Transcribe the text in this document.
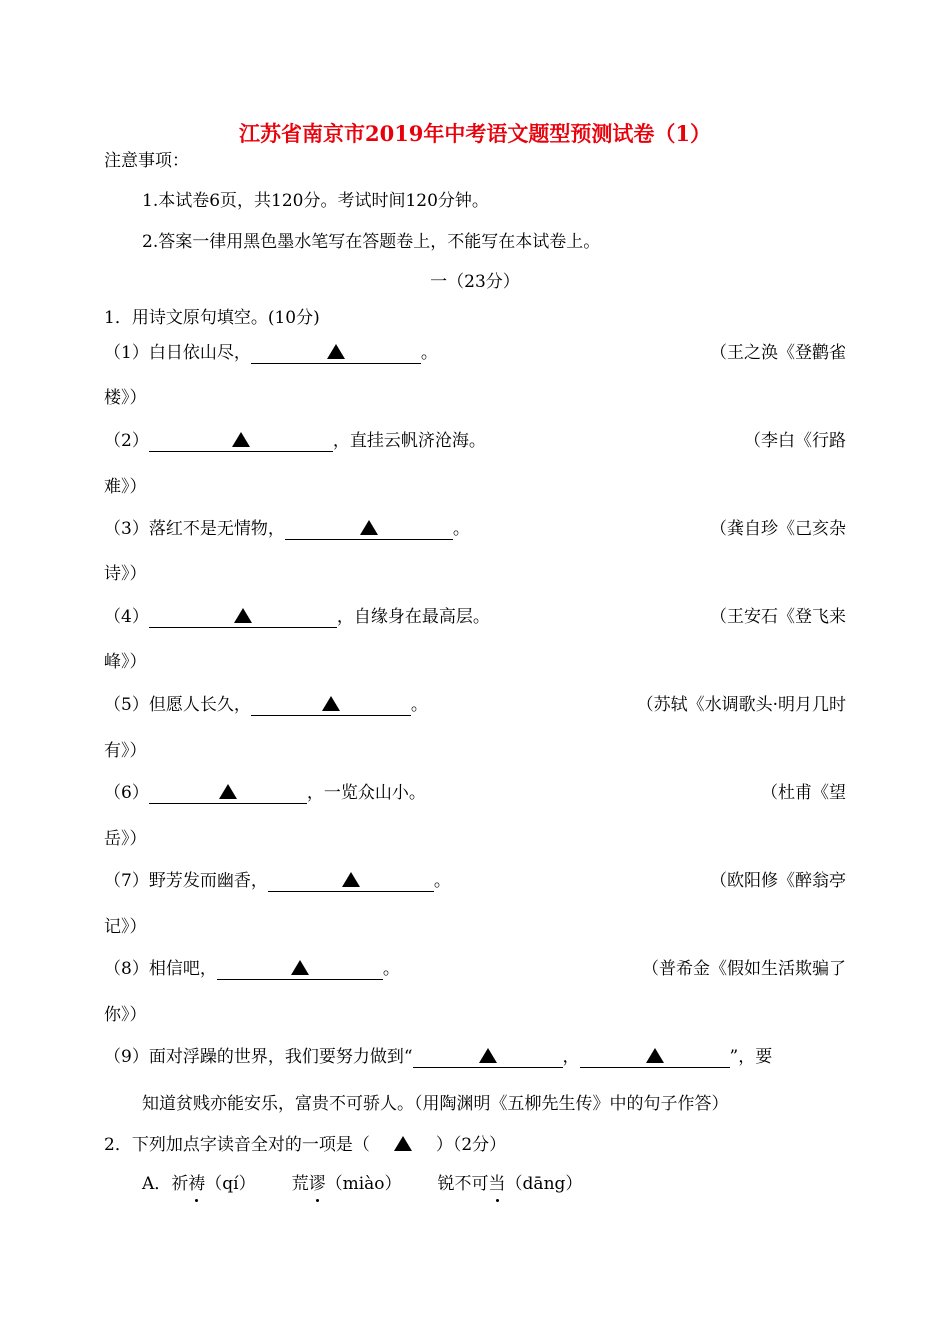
江苏省南京市2019年中考语文题型预测试卷（1）
注意事项：
1.本试卷6页，共120分。考试时间120分钟。
2.答案一律用黑色墨水笔写在答题卷上，不能写在本试卷上。
一（23分）
1．用诗文原句填空。(10分)
（1）白日依山尽，	。	（王之涣《登鹳雀
楼》）
（2）	，直挂云帆济沧海。	（李白《行路
难》）
（3）落红不是无情物，	。	（龚自珍《己亥杂
诗》）
（4）	，自缘身在最高层。	（王安石《登飞来
峰》）
（5）但愿人长久，	。	（苏轼《水调歌头·明月几时
有》）
（6）	，一览众山小。	（杜甫《望
岳》）
（7）野芳发而幽香，	。	（欧阳修《醉翁亭
记》）
（8）相信吧，	。	（普希金《假如生活欺骗了
你》）
（9）面对浮躁的世界，我们要努力做到“	，	”，要
知道贫贱亦能安乐，富贵不可骄人。（用陶渊明《五柳先生传》中的句子作答）
2．下列加点字读音全对的一项是（	）（2分）
A．祈祷（qí） 荒谬（miào） 锐不可当（dāng）
